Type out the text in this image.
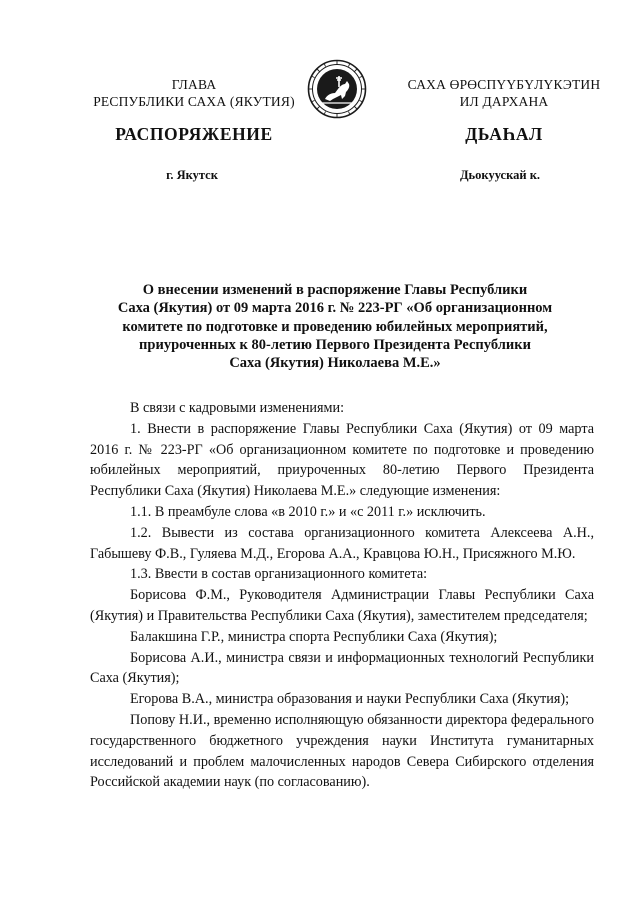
ГЛАВА
РЕСПУБЛИКИ САХА (ЯКУТИЯ)
САХА ӨРӨСПҮҮБҮЛҮКЭТИН
ИЛ ДАРХАНА
РАСПОРЯЖЕНИЕ	ДЬАҺАЛ
г. Якутск	Дьокуускай к.
О внесении изменений в распоряжение Главы Республики
Саха (Якутия) от 09 марта 2016 г. № 223-РГ «Об организационном
комитете по подготовке и проведению юбилейных мероприятий,
приуроченных к 80-летию Первого Президента Республики
Саха (Якутия) Николаева М.Е.»

В связи с кадровыми изменениями:

1. Внести в распоряжение Главы Республики Саха (Якутия) от 09 марта 2016 г. № 223-РГ «Об организационном комитете по подготовке и проведению юбилейных мероприятий, приуроченных 80-летию Первого Президента Республики Саха (Якутия) Николаева М.Е.» следующие изменения:

1.1. В преамбуле слова «в 2010 г.» и «с 2011 г.» исключить.

1.2. Вывести из состава организационного комитета Алексеева А.Н., Габышеву Ф.В., Гуляева М.Д., Егорова А.А., Кравцова Ю.Н., Присяжного М.Ю.

1.3. Ввести в состав организационного комитета:

Борисова Ф.М., Руководителя Администрации Главы Республики Саха (Якутия) и Правительства Республики Саха (Якутия), заместителем председателя;

Балакшина Г.Р., министра спорта Республики Саха (Якутия);

Борисова А.И., министра связи и информационных технологий Республики Саха (Якутия);

Егорова В.А., министра образования и науки Республики Саха (Якутия);

Попову Н.И., временно исполняющую обязанности директора федерального государственного бюджетного учреждения науки Института гуманитарных исследований и проблем малочисленных народов Севера Сибирского отделения Российской академии наук (по согласованию).
